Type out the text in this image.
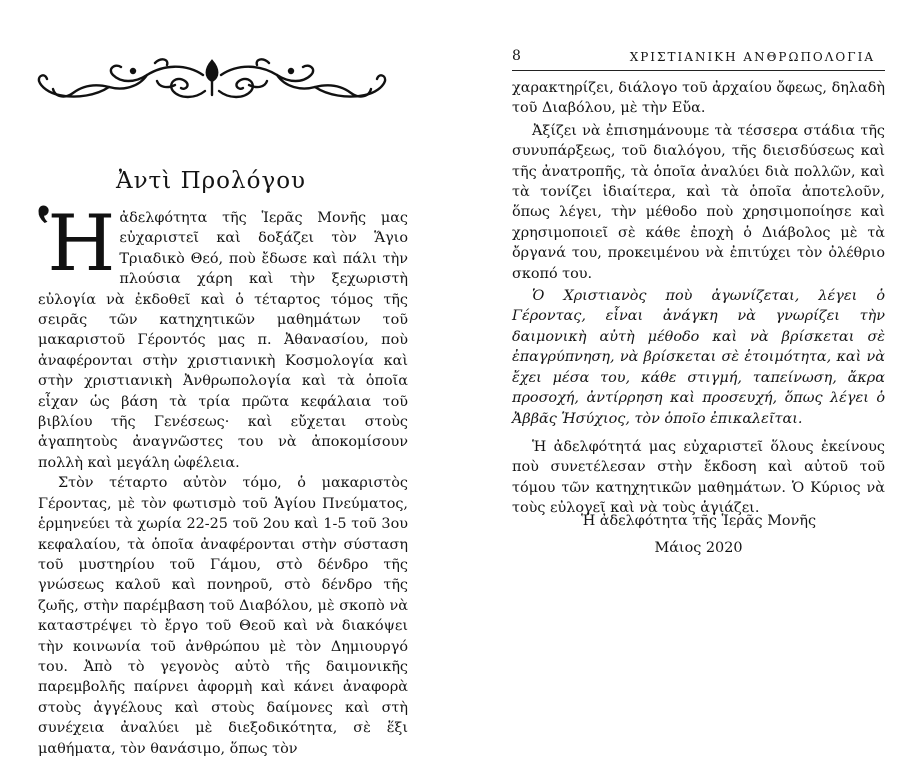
Ἀντὶ Προλόγου

Ἡἀδελφότητα τῆς Ἱερᾶς Μονῆς μας εὐχαριστεῖ καὶ δοξάζει τὸν Ἅγιο Τριαδικὸ Θεό, ποὺ ἔδωσε καὶ πάλι τὴν πλούσια χάρη καὶ τὴν ξεχωριστὴ εὐλογία νὰ ἐκδοθεῖ καὶ ὁ τέταρτος τόμος τῆς σειρᾶς τῶν κατηχητικῶν μαθημάτων τοῦ μακαριστοῦ Γέροντός μας π. Ἀθανασίου, ποὺ ἀναφέρονται στὴν χριστιανικὴ Κοσμολογία καὶ στὴν χριστιανικὴ Ἀνθρωπολογία καὶ τὰ ὁποῖα εἶχαν ὡς βάση τὰ τρία πρῶτα κεφάλαια τοῦ βιβλίου τῆς Γενέσεως· καὶ εὔχεται στοὺς ἀγαπητοὺς ἀναγνῶστες του νὰ ἀποκομίσουν πολλὴ καὶ μεγάλη ὠφέλεια.

Στὸν τέταρτο αὐτὸν τόμο, ὁ μακαριστὸς Γέροντας, μὲ τὸν φωτισμὸ τοῦ Ἁγίου Πνεύματος, ἑρμηνεύει τὰ χωρία 22-25 τοῦ 2ου καὶ 1-5 τοῦ 3ου κεφαλαίου, τὰ ὁποῖα ἀναφέρονται στὴν σύσταση τοῦ μυστηρίου τοῦ Γάμου, στὸ δένδρο τῆς γνώσεως καλοῦ καὶ πονηροῦ, στὸ δένδρο τῆς ζωῆς, στὴν παρέμβαση τοῦ Διαβόλου, μὲ σκοπὸ νὰ καταστρέψει τὸ ἔργο τοῦ Θεοῦ καὶ νὰ διακόψει τὴν κοινωνία τοῦ ἀνθρώπου μὲ τὸν Δημιουργό του. Ἀπὸ τὸ γεγονὸς αὐτὸ τῆς δαιμονικῆς παρεμβολῆς παίρνει ἀφορμὴ καὶ κάνει ἀναφορὰ στοὺς ἀγγέλους καὶ στοὺς δαίμονες καὶ στὴ συνέχεια ἀναλύει μὲ διεξοδικότητα, σὲ ἕξι μαθήματα, τὸν θανάσιμο, ὅπως τὸν

8	ΧΡΙΣΤΙΑΝΙΚΗ ΑΝΘΡΩΠΟΛΟΓΙΑ

χαρακτηρίζει, διάλογο τοῦ ἀρχαίου ὄφεως, δηλαδὴ τοῦ Διαβόλου, μὲ τὴν Εὔα.

Ἀξίζει νὰ ἐπισημάνουμε τὰ τέσσερα στάδια τῆς συνυπάρξεως, τοῦ διαλόγου, τῆς διεισδύσεως καὶ τῆς ἀνατροπῆς, τὰ ὁποῖα ἀναλύει διὰ πολλῶν, καὶ τὰ τονίζει ἰδιαίτερα, καὶ τὰ ὁποῖα ἀποτελοῦν, ὅπως λέγει, τὴν μέθοδο ποὺ χρησιμοποίησε καὶ χρησιμοποιεῖ σὲ κάθε ἐποχὴ ὁ Διάβολος μὲ τὰ ὄργανά του, προκειμένου νὰ ἐπιτύχει τὸν ὀλέθριο σκοπό του.

Ὁ Χριστιανὸς ποὺ ἀγωνίζεται, λέγει ὁ Γέροντας, εἶναι ἀνάγκη νὰ γνωρίζει τὴν δαιμονικὴ αὐτὴ μέθοδο καὶ νὰ βρίσκεται σὲ ἐπαγρύπνηση, νὰ βρίσκεται σὲ ἑτοιμότητα, καὶ νὰ ἔχει μέσα του, κάθε στιγμή, ταπείνωση, ἄκρα προσοχή, ἀντίρρηση καὶ προσευχή, ὅπως λέγει ὁ Ἀββᾶς Ἡσύχιος, τὸν ὁποῖο ἐπικαλεῖται.

Ἡ ἀδελφότητά μας εὐχαριστεῖ ὅλους ἐκείνους ποὺ συνετέλεσαν στὴν ἔκδοση καὶ αὐτοῦ τοῦ τόμου τῶν κατηχητικῶν μαθημάτων. Ὁ Κύριος νὰ τοὺς εὐλογεῖ καὶ νὰ τοὺς ἁγιάζει.

Ἡ ἀδελφότητα τῆς Ἱερᾶς Μονῆς
Μάιος 2020
